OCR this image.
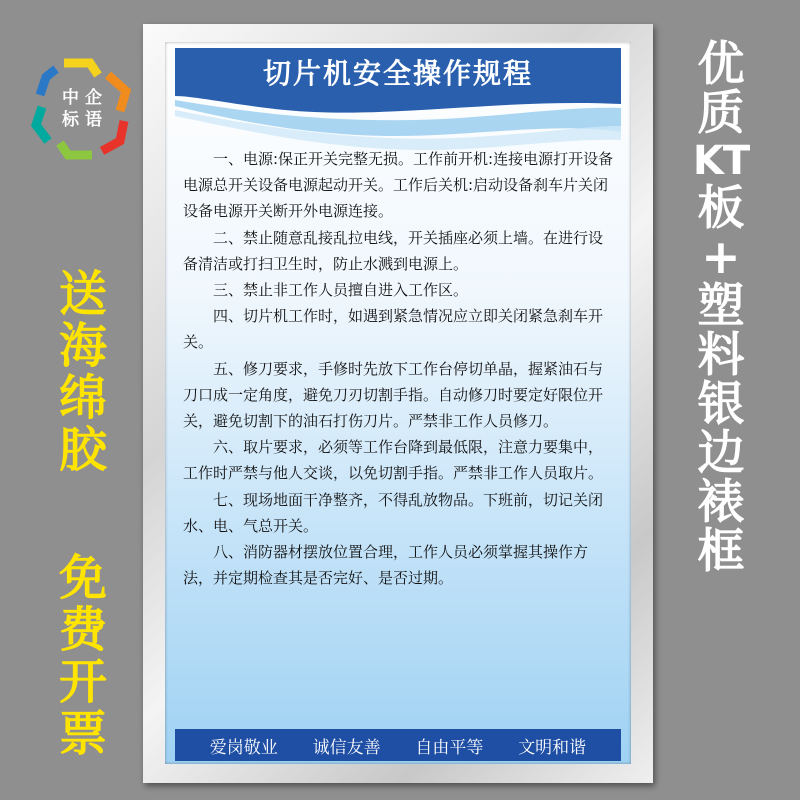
中企
标语
送
海
绵
胶
免
费
开
票
优
质
KT
板
+
塑
料
银
边
裱
框
切片机安全操作规程

一、电源:保正开关完整无损。工作前开机:连接电源打开设备电源总开关设备电源起动开关。工作后关机:启动设备刹车片关闭设备电源开关断开外电源连接。

二、禁止随意乱接乱拉电线，开关插座必须上墙。在进行设备清洁或打扫卫生时，防止水溅到电源上。

三、禁止非工作人员擅自进入工作区。

四、切片机工作时，如遇到紧急情况应立即关闭紧急刹车开关。

五、修刀要求，手修时先放下工作台停切单晶，握紧油石与刀口成一定角度，避免刀刃切割手指。自动修刀时要定好限位开关，避免切割下的油石打伤刀片。严禁非工作人员修刀。

六、取片要求，必须等工作台降到最低限，注意力要集中，工作时严禁与他人交谈，以免切割手指。严禁非工作人员取片。

七、现场地面干净整齐，不得乱放物品。下班前，切记关闭水、电、气总开关。

八、消防器材摆放位置合理，工作人员必须掌握其操作方法，并定期检查其是否完好、是否过期。

爱岗敬业 诚信友善 自由平等 文明和谐
